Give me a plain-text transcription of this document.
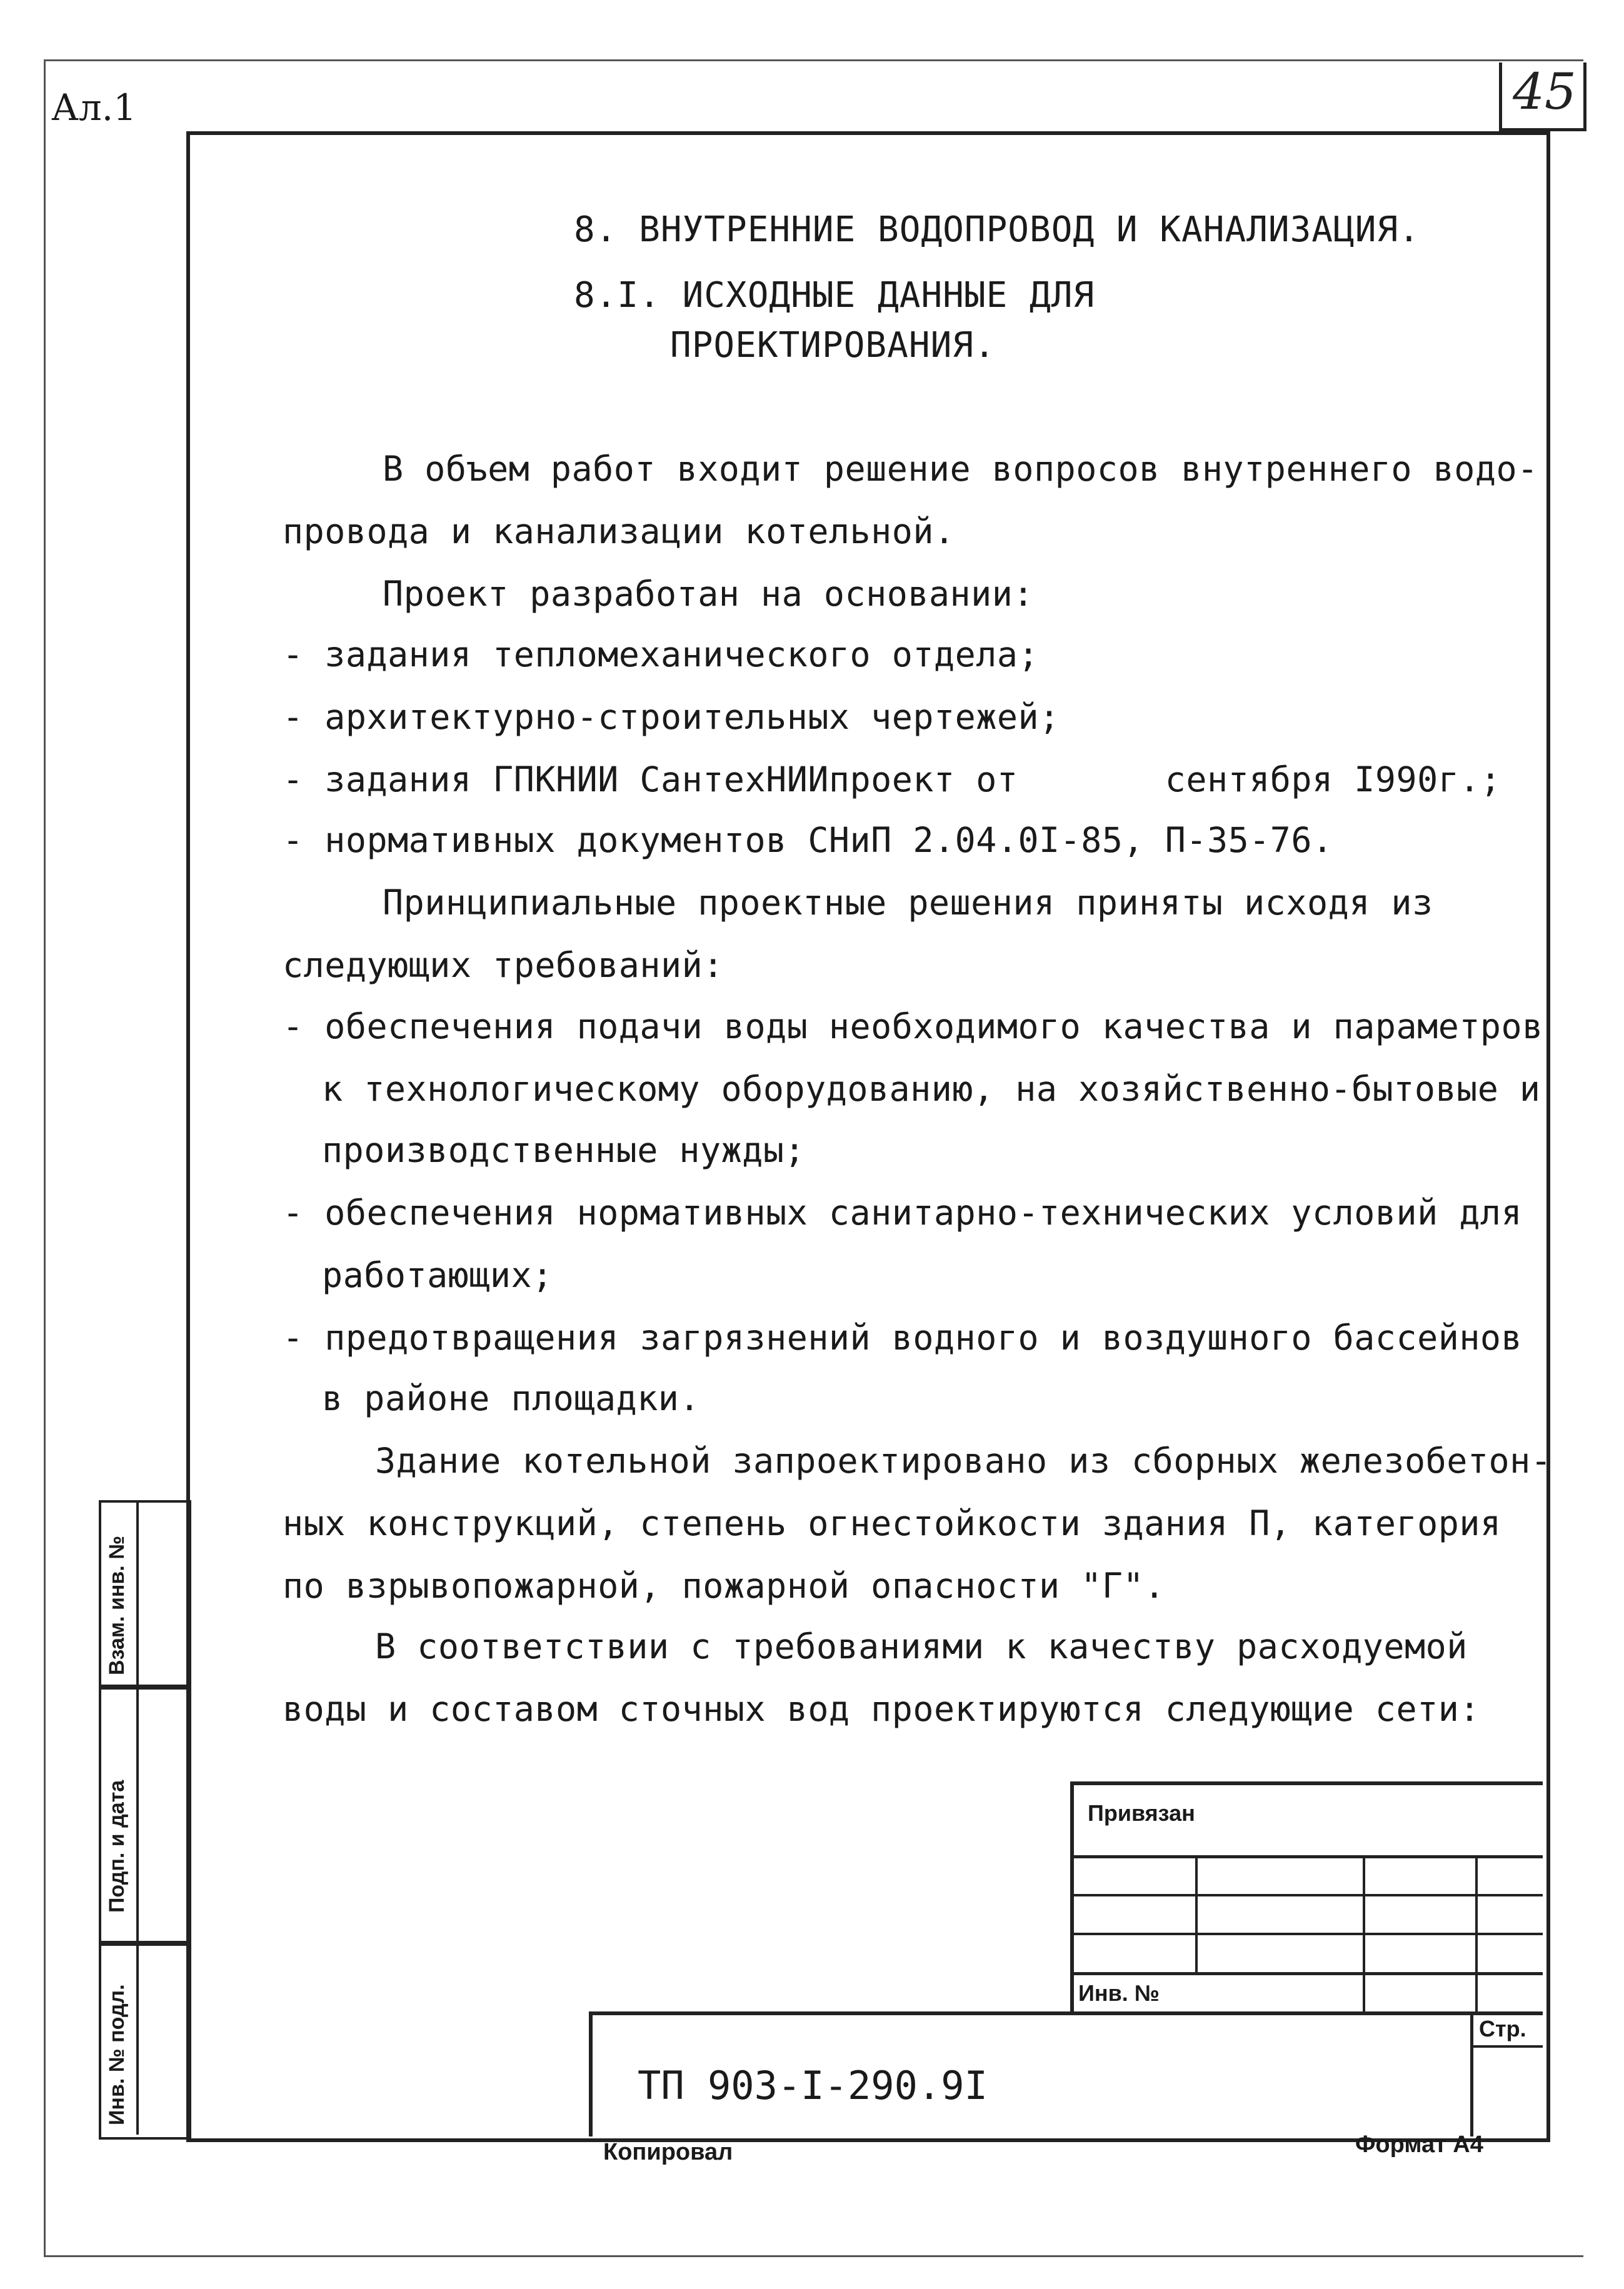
Ал.1	45
8. ВНУТРЕННИЕ ВОДОПРОВОД И КАНАЛИЗАЦИЯ.
8.I. ИСХОДНЫЕ ДАННЫЕ ДЛЯ
ПРОЕКТИРОВАНИЯ.
В объем работ входит решение вопросов внутреннего водо-
провода и канализации котельной.
Проект разработан на основании:
- задания тепломеханического отдела;
- архитектурно-строительных чертежей;
- задания ГПКНИИ СантехНИИпроект от       сентября I990г.;
- нормативных документов СНиП 2.04.0I-85, П-35-76.
Принципиальные проектные решения приняты исходя из
следующих требований:
- обеспечения подачи воды необходимого качества и параметров
к технологическому оборудованию, на хозяйственно-бытовые и
производственные нужды;
- обеспечения нормативных санитарно-технических условий для
работающих;
- предотвращения загрязнений водного и воздушного бассейнов
в районе площадки.
Здание котельной запроектировано из сборных железобетон-
ных конструкций, степень огнестойкости здания П, категория
по взрывопожарной, пожарной опасности "Г".
В соответствии с требованиями к качеству расходуемой
воды и составом сточных вод проектируются следующие сети:
Взам. инв. №
Подп. и дата
Инв. № подл.
Привязан
Инв. №
Стр.
ТП 903-I-290.9I
Копировал	Формат А4
